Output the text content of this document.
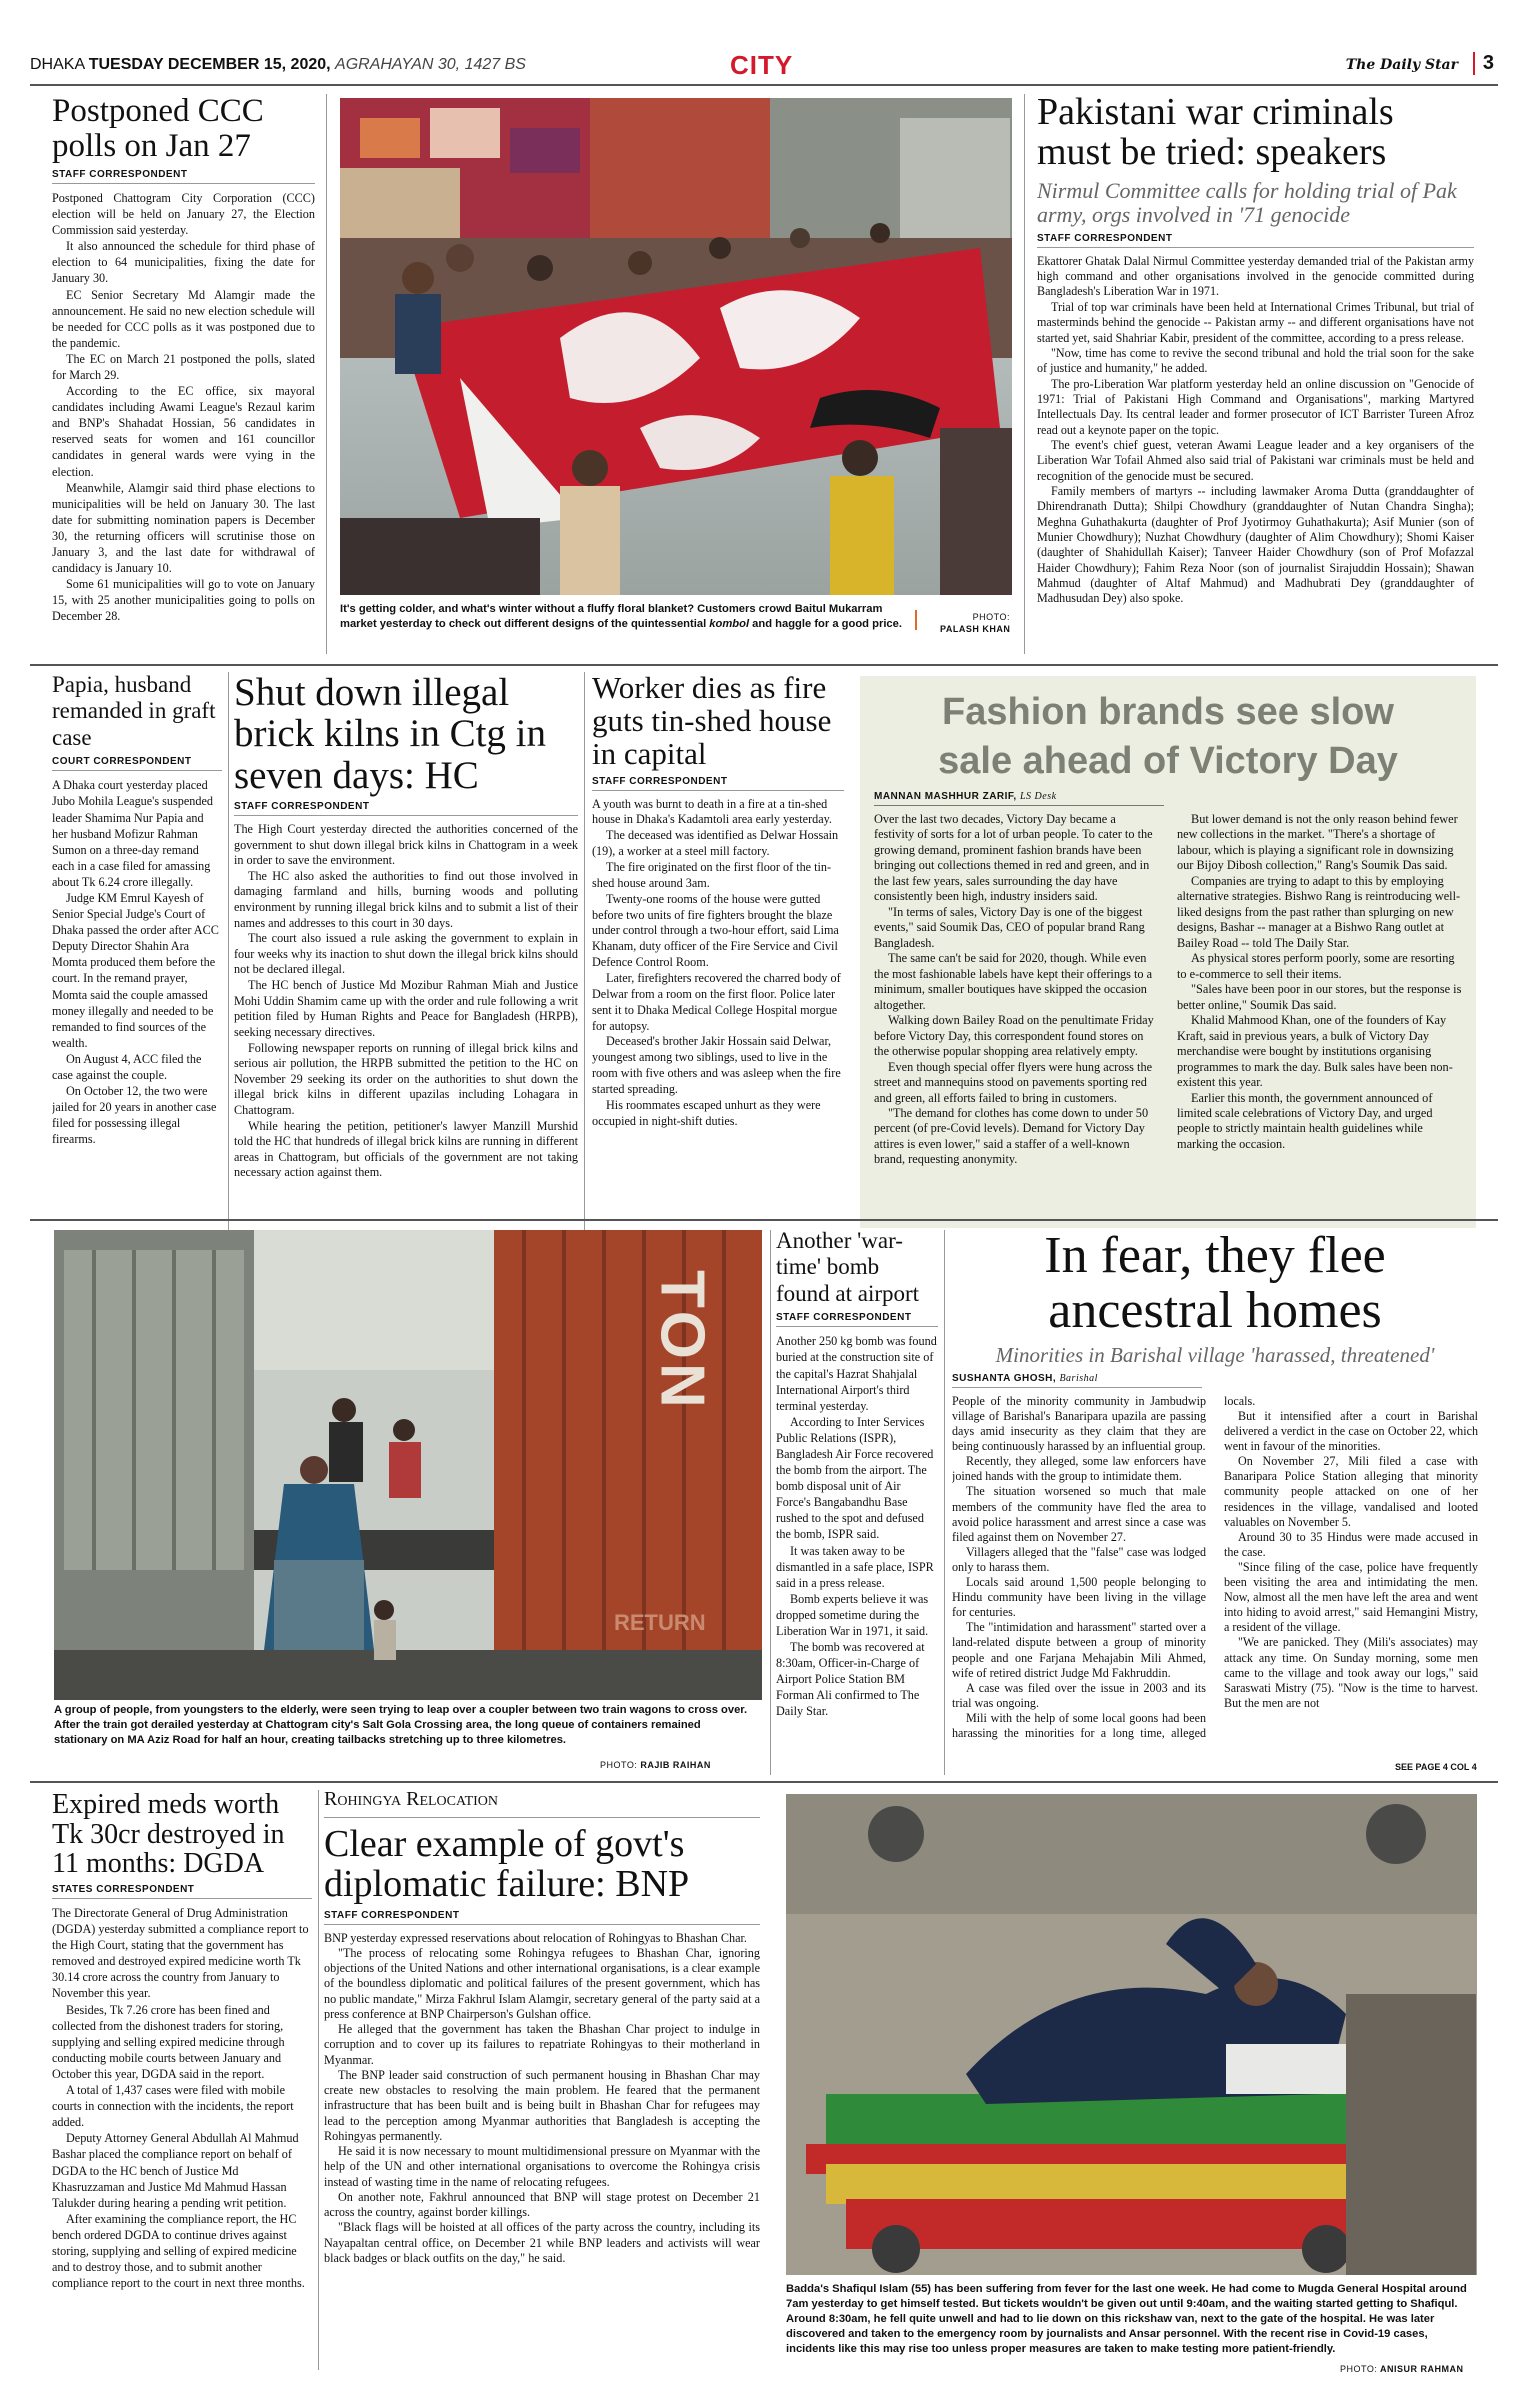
DHAKA TUESDAY DECEMBER 15, 2020, AGRAHAYAN 30, 1427 BS	CITY	The Daily Star	3
Postponed CCC polls on Jan 27
STAFF CORRESPONDENT

Postponed Chattogram City Corporation (CCC) election will be held on January 27, the Election Commission said yesterday.

It also announced the schedule for third phase of election to 64 municipalities, fixing the date for January 30.

EC Senior Secretary Md Alamgir made the announcement. He said no new election schedule will be needed for CCC polls as it was postponed due to the pandemic.

The EC on March 21 postponed the polls, slated for March 29.

According to the EC office, six mayoral candidates including Awami League's Rezaul karim and BNP's Shahadat Hossian, 56 candidates in reserved seats for women and 161 councillor candidates in general wards were vying in the election.

Meanwhile, Alamgir said third phase elections to municipalities will be held on January 30. The last date for submitting nomination papers is December 30, the returning officers will scrutinise those on January 3, and the last date for withdrawal of candidacy is January 10.

Some 61 municipalities will go to vote on January 15, with 25 another municipalities going to polls on December 28.

It's getting colder, and what's winter without a fluffy floral blanket? Customers crowd Baitul Mukarram market yesterday to check out different designs of the quintessential kombol and haggle for a good price.
PHOTO:
PALASH KHAN
Pakistani war criminals must be tried: speakers
Nirmul Committee calls for holding trial of Pak army, orgs involved in '71 genocide
STAFF CORRESPONDENT

Ekattorer Ghatak Dalal Nirmul Committee yesterday demanded trial of the Pakistan army high command and other organisations involved in the genocide committed during Bangladesh's Liberation War in 1971.

Trial of top war criminals have been held at International Crimes Tribunal, but trial of masterminds behind the genocide -- Pakistan army -- and different organisations have not started yet, said Shahriar Kabir, president of the committee, according to a press release.

"Now, time has come to revive the second tribunal and hold the trial soon for the sake of justice and humanity," he added.

The pro-Liberation War platform yesterday held an online discussion on "Genocide of 1971: Trial of Pakistani High Command and Organisations", marking Martyred Intellectuals Day. Its central leader and former prosecutor of ICT Barrister Tureen Afroz read out a keynote paper on the topic.

The event's chief guest, veteran Awami League leader and a key organisers of the Liberation War Tofail Ahmed also said trial of Pakistani war criminals must be held and recognition of the genocide must be secured.

Family members of martyrs -- including lawmaker Aroma Dutta (granddaughter of Dhirendranath Dutta); Shilpi Chowdhury (granddaughter of Nutan Chandra Singha); Meghna Guhathakurta (daughter of Prof Jyotirmoy Guhathakurta); Asif Munier (son of Munier Chowdhury); Nuzhat Chowdhury (daughter of Alim Chowdhury); Shomi Kaiser (daughter of Shahidullah Kaiser); Tanveer Haider Chowdhury (son of Prof Mofazzal Haider Chowdhury); Fahim Reza Noor (son of journalist Sirajuddin Hossain); Shawan Mahmud (daughter of Altaf Mahmud) and Madhubrati Dey (granddaughter of Madhusudan Dey) also spoke.

Papia, husband remanded in graft case
COURT CORRESPONDENT

A Dhaka court yesterday placed Jubo Mohila League's suspended leader Shamima Nur Papia and her husband Mofizur Rahman Sumon on a three-day remand each in a case filed for amassing about Tk 6.24 crore illegally.

Judge KM Emrul Kayesh of Senior Special Judge's Court of Dhaka passed the order after ACC Deputy Director Shahin Ara Momta produced them before the court. In the remand prayer, Momta said the couple amassed money illegally and needed to be remanded to find sources of the wealth.

On August 4, ACC filed the case against the couple.

On October 12, the two were jailed for 20 years in another case filed for possessing illegal firearms.

Shut down illegal brick kilns in Ctg in seven days: HC
STAFF CORRESPONDENT

The High Court yesterday directed the authorities concerned of the government to shut down illegal brick kilns in Chattogram in a week in order to save the environment.

The HC also asked the authorities to find out those involved in damaging farmland and hills, burning woods and polluting environment by running illegal brick kilns and to submit a list of their names and addresses to this court in 30 days.

The court also issued a rule asking the government to explain in four weeks why its inaction to shut down the illegal brick kilns should not be declared illegal.

The HC bench of Justice Md Mozibur Rahman Miah and Justice Mohi Uddin Shamim came up with the order and rule following a writ petition filed by Human Rights and Peace for Bangladesh (HRPB), seeking necessary directives.

Following newspaper reports on running of illegal brick kilns and serious air pollution, the HRPB submitted the petition to the HC on November 29 seeking its order on the authorities to shut down the illegal brick kilns in different upazilas including Lohagara in Chattogram.

While hearing the petition, petitioner's lawyer Manzill Murshid told the HC that hundreds of illegal brick kilns are running in different areas in Chattogram, but officials of the government are not taking necessary action against them.

Worker dies as fire guts tin-shed house in capital
STAFF CORRESPONDENT

A youth was burnt to death in a fire at a tin-shed house in Dhaka's Kadamtoli area early yesterday.

The deceased was identified as Delwar Hossain (19), a worker at a steel mill factory.

The fire originated on the first floor of the tin-shed house around 3am.

Twenty-one rooms of the house were gutted before two units of fire fighters brought the blaze under control through a two-hour effort, said Lima Khanam, duty officer of the Fire Service and Civil Defence Control Room.

Later, firefighters recovered the charred body of Delwar from a room on the first floor. Police later sent it to Dhaka Medical College Hospital morgue for autopsy.

Deceased's brother Jakir Hossain said Delwar, youngest among two siblings, used to live in the room with five others and was asleep when the fire started spreading.

His roommates escaped unhurt as they were occupied in night-shift duties.

Fashion brands see slow sale ahead of Victory Day
MANNAN MASHHUR ZARIF, LS Desk

Over the last two decades, Victory Day became a festivity of sorts for a lot of urban people. To cater to the growing demand, prominent fashion brands have been bringing out collections themed in red and green, and in the last few years, sales surrounding the day have consistently been high, industry insiders said.

"In terms of sales, Victory Day is one of the biggest events," said Soumik Das, CEO of popular brand Rang Bangladesh.

The same can't be said for 2020, though. While even the most fashionable labels have kept their offerings to a minimum, smaller boutiques have skipped the occasion altogether.

Walking down Bailey Road on the penultimate Friday before Victory Day, this correspondent found stores on the otherwise popular shopping area relatively empty.

Even though special offer flyers were hung across the street and mannequins stood on pavements sporting red and green, all efforts failed to bring in customers.

"The demand for clothes has come down to under 50 percent (of pre-Covid levels). Demand for Victory Day attires is even lower," said a staffer of a well-known brand, requesting anonymity.

But lower demand is not the only reason behind fewer new collections in the market. "There's a shortage of labour, which is playing a significant role in downsizing our Bijoy Dibosh collection," Rang's Soumik Das said.

Companies are trying to adapt to this by employing alternative strategies. Bishwo Rang is reintroducing well-liked designs from the past rather than splurging on new designs, Bashar -- manager at a Bishwo Rang outlet at Bailey Road -- told The Daily Star.

As physical stores perform poorly, some are resorting to e-commerce to sell their items.

"Sales have been poor in our stores, but the response is better online," Soumik Das said.

Khalid Mahmood Khan, one of the founders of Kay Kraft, said in previous years, a bulk of Victory Day merchandise were bought by institutions organising programmes to mark the day. Bulk sales have been non-existent this year.

Earlier this month, the government announced of limited scale celebrations of Victory Day, and urged people to strictly maintain health guidelines while marking the occasion.

TON
RETURN
A group of people, from youngsters to the elderly, were seen trying to leap over a coupler between two train wagons to cross over. After the train got derailed yesterday at Chattogram city's Salt Gola Crossing area, the long queue of containers remained stationary on MA Aziz Road for half an hour, creating tailbacks stretching up to three kilometres.
PHOTO: RAJIB RAIHAN
Another 'war-time' bomb found at airport
STAFF CORRESPONDENT

Another 250 kg bomb was found buried at the construction site of the capital's Hazrat Shahjalal International Airport's third terminal yesterday.

According to Inter Services Public Relations (ISPR), Bangladesh Air Force recovered the bomb from the airport. The bomb disposal unit of Air Force's Bangabandhu Base rushed to the spot and defused the bomb, ISPR said.

It was taken away to be dismantled in a safe place, ISPR said in a press release.

Bomb experts believe it was dropped sometime during the Liberation War in 1971, it said.

The bomb was recovered at 8:30am, Officer-in-Charge of Airport Police Station BM Forman Ali confirmed to The Daily Star.

In fear, they flee ancestral homes
Minorities in Barishal village 'harassed, threatened'
SUSHANTA GHOSH, Barishal

People of the minority community in Jambudwip village of Barishal's Banaripara upazila are passing days amid insecurity as they claim that they are being continuously harassed by an influential group.

Recently, they alleged, some law enforcers have joined hands with the group to intimidate them.

The situation worsened so much that male members of the community have fled the area to avoid police harassment and arrest since a case was filed against them on November 27.

Villagers alleged that the "false" case was lodged only to harass them.

Locals said around 1,500 people belonging to Hindu community have been living in the village for centuries.

The "intimidation and harassment" started over a land-related dispute between a group of minority people and one Farjana Mehajabin Mili Ahmed, wife of retired district Judge Md Fakhruddin.

A case was filed over the issue in 2003 and its trial was ongoing.

Mili with the help of some local goons had been harassing the minorities for a long time, alleged locals.

But it intensified after a court in Barishal delivered a verdict in the case on October 22, which went in favour of the minorities.

On November 27, Mili filed a case with Banaripara Police Station alleging that minority community people attacked on one of her residences in the village, vandalised and looted valuables on November 5.

Around 30 to 35 Hindus were made accused in the case.

"Since filing of the case, police have frequently been visiting the area and intimidating the men. Now, almost all the men have left the area and went into hiding to avoid arrest," said Hemangini Mistry, a resident of the village.

"We are panicked. They (Mili's associates) may attack any time. On Sunday morning, some men came to the village and took away our logs," said Saraswati Mistry (75). "Now is the time to harvest. But the men are not

SEE PAGE 4 COL 4
Expired meds worth Tk 30cr destroyed in 11 months: DGDA
STATES CORRESPONDENT

The Directorate General of Drug Administration (DGDA) yesterday submitted a compliance report to the High Court, stating that the government has removed and destroyed expired medicine worth Tk 30.14 crore across the country from January to November this year.

Besides, Tk 7.26 crore has been fined and collected from the dishonest traders for storing, supplying and selling expired medicine through conducting mobile courts between January and October this year, DGDA said in the report.

A total of 1,437 cases were filed with mobile courts in connection with the incidents, the report added.

Deputy Attorney General Abdullah Al Mahmud Bashar placed the compliance report on behalf of DGDA to the HC bench of Justice Md Khasruzzaman and Justice Md Mahmud Hassan Talukder during hearing a pending writ petition.

After examining the compliance report, the HC bench ordered DGDA to continue drives against storing, supplying and selling of expired medicine and to destroy those, and to submit another compliance report to the court in next three months.

Rohingya Relocation
Clear example of govt's diplomatic failure: BNP
STAFF CORRESPONDENT

BNP yesterday expressed reservations about relocation of Rohingyas to Bhashan Char.

"The process of relocating some Rohingya refugees to Bhashan Char, ignoring objections of the United Nations and other international organisations, is a clear example of the boundless diplomatic and political failures of the present government, which has no public mandate," Mirza Fakhrul Islam Alamgir, secretary general of the party said at a press conference at BNP Chairperson's Gulshan office.

He alleged that the government has taken the Bhashan Char project to indulge in corruption and to cover up its failures to repatriate Rohingyas to their motherland in Myanmar.

The BNP leader said construction of such permanent housing in Bhashan Char may create new obstacles to resolving the main problem. He feared that the permanent infrastructure that has been built and is being built in Bhashan Char for refugees may lead to the perception among Myanmar authorities that Bangladesh is accepting the Rohingyas permanently.

He said it is now necessary to mount multidimensional pressure on Myanmar with the help of the UN and other international organisations to overcome the Rohingya crisis instead of wasting time in the name of relocating refugees.

On another note, Fakhrul announced that BNP will stage protest on December 21 across the country, against border killings.

"Black flags will be hoisted at all offices of the party across the country, including its Nayapaltan central office, on December 21 while BNP leaders and activists will wear black badges or black outfits on the day," he said.

Badda's Shafiqul Islam (55) has been suffering from fever for the last one week. He had come to Mugda General Hospital around 7am yesterday to get himself tested. But tickets wouldn't be given out until 9:40am, and the waiting started getting to Shafiqul. Around 8:30am, he fell quite unwell and had to lie down on this rickshaw van, next to the gate of the hospital. He was later discovered and taken to the emergency room by journalists and Ansar personnel. With the recent rise in Covid-19 cases, incidents like this may rise too unless proper measures are taken to make testing more patient-friendly.
PHOTO: ANISUR RAHMAN
